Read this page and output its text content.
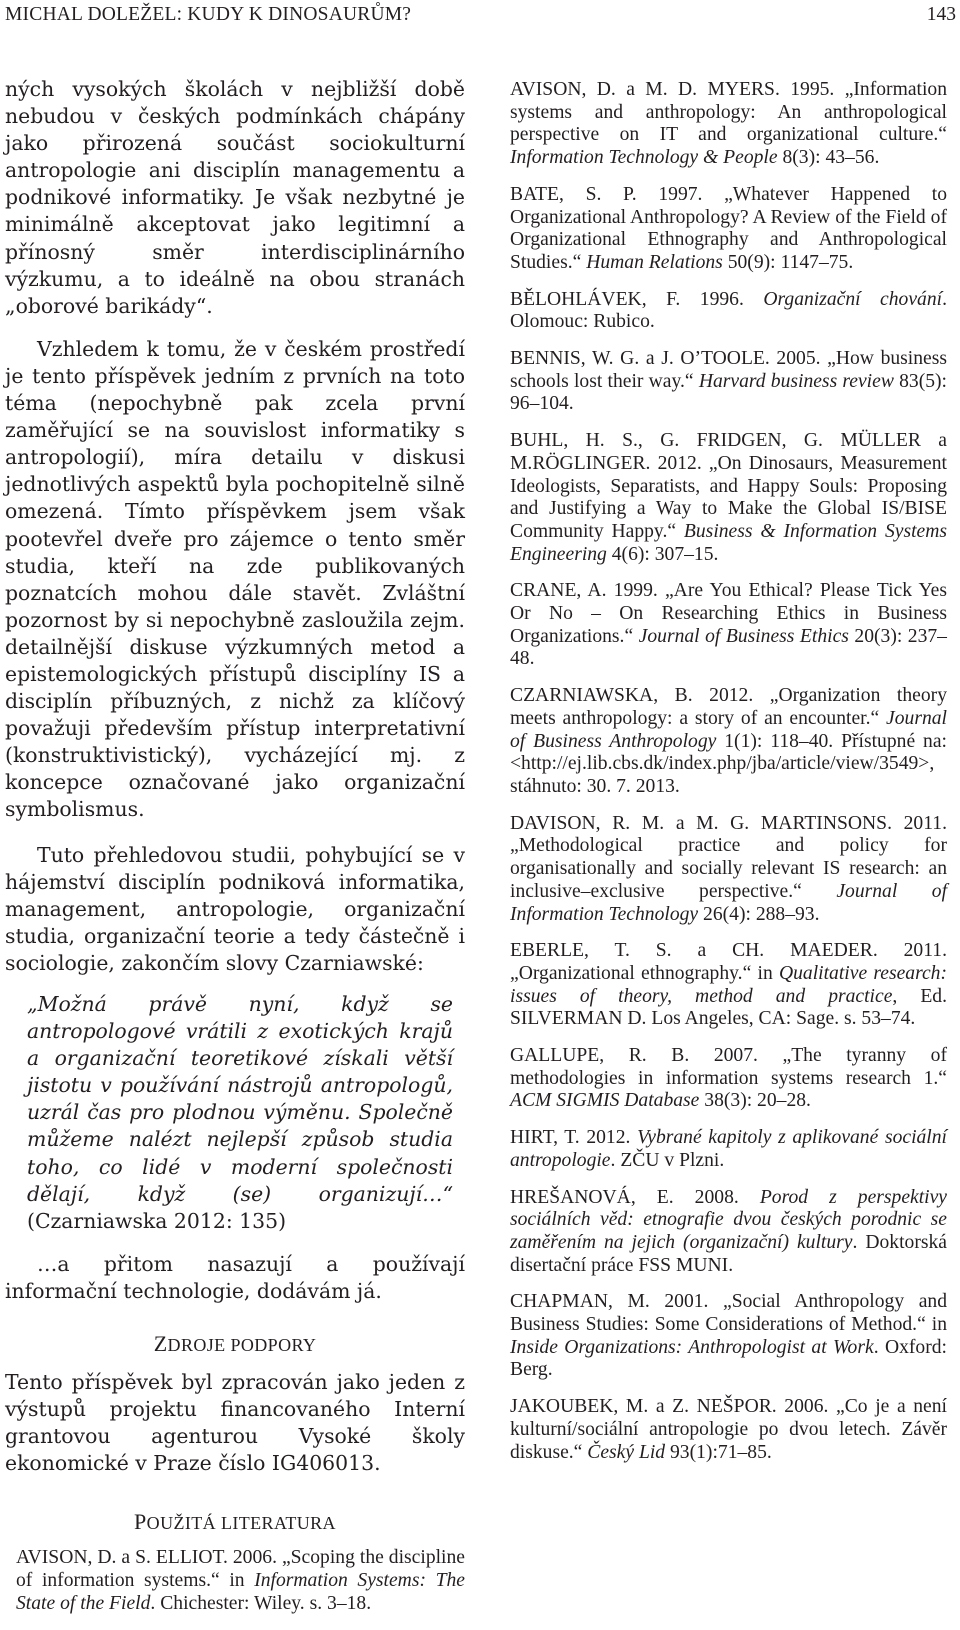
MICHAL DOLEŽEL: KUDY K DINOSAURŮM?	143

ných vysokých školách v nejbližší době nebudou v českých podmínkách chápány jako přirozená součást sociokulturní antropologie ani disciplín managementu a podnikové informatiky. Je však nezbytné je minimálně akceptovat jako legitimní a přínosný směr interdisciplinárního výzkumu, a to ideálně na obou stranách „oborové barikády“.

Vzhledem k tomu, že v českém prostředí je tento příspěvek jedním z prvních na toto téma (nepochybně pak zcela první zaměřující se na souvislost informatiky s antropologií), míra detailu v diskusi jednotlivých aspektů byla pochopitelně silně omezená. Tímto příspěvkem jsem však pootevřel dveře pro zájemce o tento směr studia, kteří na zde publikovaných poznatcích mohou dále stavět. Zvláštní pozornost by si nepochybně zasloužila zejm. detailnější diskuse výzkumných metod a epistemologických přístupů disciplíny IS a disciplín příbuzných, z nichž za klíčový považuji především přístup interpretativní (konstruktivistický), vycházející mj. z koncepce označované jako organizační symbolismus.

Tuto přehledovou studii, pohybující se v hájemství disciplín podniková informatika, management, antropologie, organizační studia, organizační teorie a tedy částečně i sociologie, zakončím slovy Czarniawské:

„Možná právě nyní, když se antropologové vrátili z exotických krajů a organizační teoretikové získali větší jistotu v používání nástrojů antropologů, uzrál čas pro plodnou výměnu. Společně můžeme nalézt nejlepší způsob studia toho, co lidé v moderní společnosti dělají, když (se) organizují…“ (Czarniawska 2012: 135)

…a přitom nasazují a používají informační technologie, dodávám já.

ZDROJE PODPORY

Tento příspěvek byl zpracován jako jeden z výstupů projektu financovaného Interní grantovou agenturou Vysoké školy ekonomické v Praze číslo IG406013.

POUŽITÁ LITERATURA
AVISON, D. a S. ELLIOT. 2006. „Scoping the discipline of information systems.“ in Information Systems: The State of the Field. Chichester: Wiley. s. 3–18.
AVISON, D. a M. D. MYERS. 1995. „Information systems and anthropology: An anthropological perspective on IT and organizational culture.“ Information Technology & People 8(3): 43–56.
BATE, S. P. 1997. „Whatever Happened to Organizational Anthropology? A Review of the Field of Organizational Ethnography and Anthropological Studies.“ Human Relations 50(9): 1147–75.
BĚLOHLÁVEK, F. 1996. Organizační chování. Olomouc: Rubico.
BENNIS, W. G. a J. O’TOOLE. 2005. „How business schools lost their way.“ Harvard business review 83(5): 96–104.
BUHL, H. S., G. FRIDGEN, G. MÜLLER a M.RÖGLINGER. 2012. „On Dinosaurs, Measurement Ideologists, Separatists, and Happy Souls: Proposing and Justifying a Way to Make the Global IS/BISE Community Happy.“ Business & Information Systems Engineering 4(6): 307–15.
CRANE, A. 1999. „Are You Ethical? Please Tick Yes Or No – On Researching Ethics in Business Organizations.“ Journal of Business Ethics 20(3): 237–48.
CZARNIAWSKA, B. 2012. „Organization theory meets anthropology: a story of an encounter.“ Journal of Business Anthropology 1(1): 118–40. Přístupné na: <http://ej.lib.cbs.dk/index.php/jba/article/view/3549>, stáhnuto: 30. 7. 2013.
DAVISON, R. M. a M. G. MARTINSONS. 2011. „Methodological practice and policy for organisationally and socially relevant IS research: an inclusive–exclusive perspective.“ Journal of Information Technology 26(4): 288–93.
EBERLE, T. S. a CH. MAEDER. 2011. „Organizational ethnography.“ in Qualitative research: issues of theory, method and practice, Ed. SILVERMAN D. Los Angeles, CA: Sage. s. 53–74.
GALLUPE, R. B. 2007. „The tyranny of methodologies in information systems research 1.“ ACM SIGMIS Database 38(3): 20–28.
HIRT, T. 2012. Vybrané kapitoly z aplikované sociální antropologie. ZČU v Plzni.
HREŠANOVÁ, E. 2008. Porod z perspektivy sociálních věd: etnografie dvou českých porodnic se zaměřením na jejich (organizační) kultury. Doktorská disertační práce FSS MUNI.
CHAPMAN, M. 2001. „Social Anthropology and Business Studies: Some Considerations of Method.“ in Inside Organizations: Anthropologist at Work. Oxford: Berg.
JAKOUBEK, M. a Z. NEŠPOR. 2006. „Co je a není kulturní/sociální antropologie po dvou letech. Závěr diskuse.“ Český Lid 93(1):71–85.
